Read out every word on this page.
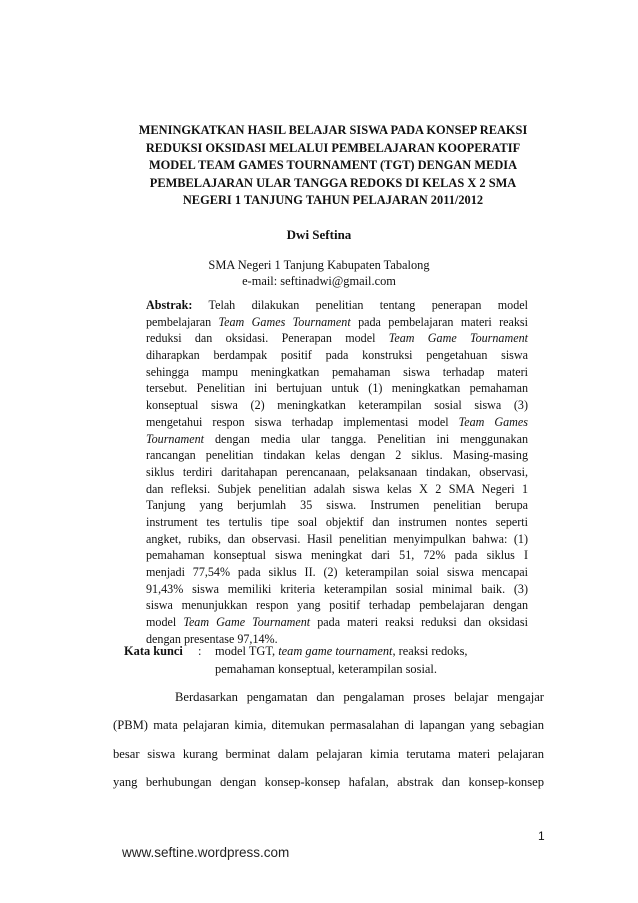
MENINGKATKAN HASIL BELAJAR SISWA PADA KONSEP REAKSI
REDUKSI OKSIDASI MELALUI PEMBELAJARAN KOOPERATIF
MODEL TEAM GAMES TOURNAMENT (TGT) DENGAN MEDIA
PEMBELAJARAN ULAR TANGGA REDOKS DI KELAS X 2 SMA
NEGERI 1 TANJUNG TAHUN PELAJARAN 2011/2012
Dwi Seftina
SMA Negeri 1 Tanjung Kabupaten Tabalong
e-mail: seftinadwi@gmail.com
Abstrak: Telah dilakukan penelitian tentang penerapan model
pembelajaran Team Games Tournament pada pembelajaran materi reaksi
reduksi dan oksidasi. Penerapan model Team Game Tournament
diharapkan berdampak positif pada konstruksi pengetahuan siswa
sehingga mampu meningkatkan pemahaman siswa terhadap materi
tersebut. Penelitian ini bertujuan untuk (1) meningkatkan pemahaman
konseptual siswa (2) meningkatkan keterampilan sosial siswa (3)
mengetahui respon siswa terhadap implementasi model Team Games
Tournament dengan media ular tangga. Penelitian ini menggunakan
rancangan penelitian tindakan kelas dengan 2 siklus. Masing-masing
siklus terdiri daritahapan perencanaan, pelaksanaan tindakan, observasi,
dan refleksi. Subjek penelitian adalah siswa kelas X 2 SMA Negeri 1
Tanjung yang berjumlah 35 siswa. Instrumen penelitian berupa
instrument tes tertulis tipe soal objektif dan instrumen nontes seperti
angket, rubiks, dan observasi. Hasil penelitian menyimpulkan bahwa: (1)
pemahaman konseptual siswa meningkat dari 51, 72% pada siklus I
menjadi 77,54% pada siklus II. (2) keterampilan soial siswa mencapai
91,43% siswa memiliki kriteria keterampilan sosial minimal baik. (3)
siswa menunjukkan respon yang positif terhadap pembelajaran dengan
model Team Game Tournament pada materi reaksi reduksi dan oksidasi
dengan presentase 97,14%.
Kata kunci : model TGT, team game tournament, reaksi redoks,
pemahaman konseptual, keterampilan sosial.
Berdasarkan pengamatan dan pengalaman proses belajar mengajar
(PBM) mata pelajaran kimia, ditemukan permasalahan di lapangan yang sebagian
besar siswa kurang berminat dalam pelajaran kimia terutama materi pelajaran
yang berhubungan dengan konsep-konsep hafalan, abstrak dan konsep-konsep
1
www.seftine.wordpress.com
